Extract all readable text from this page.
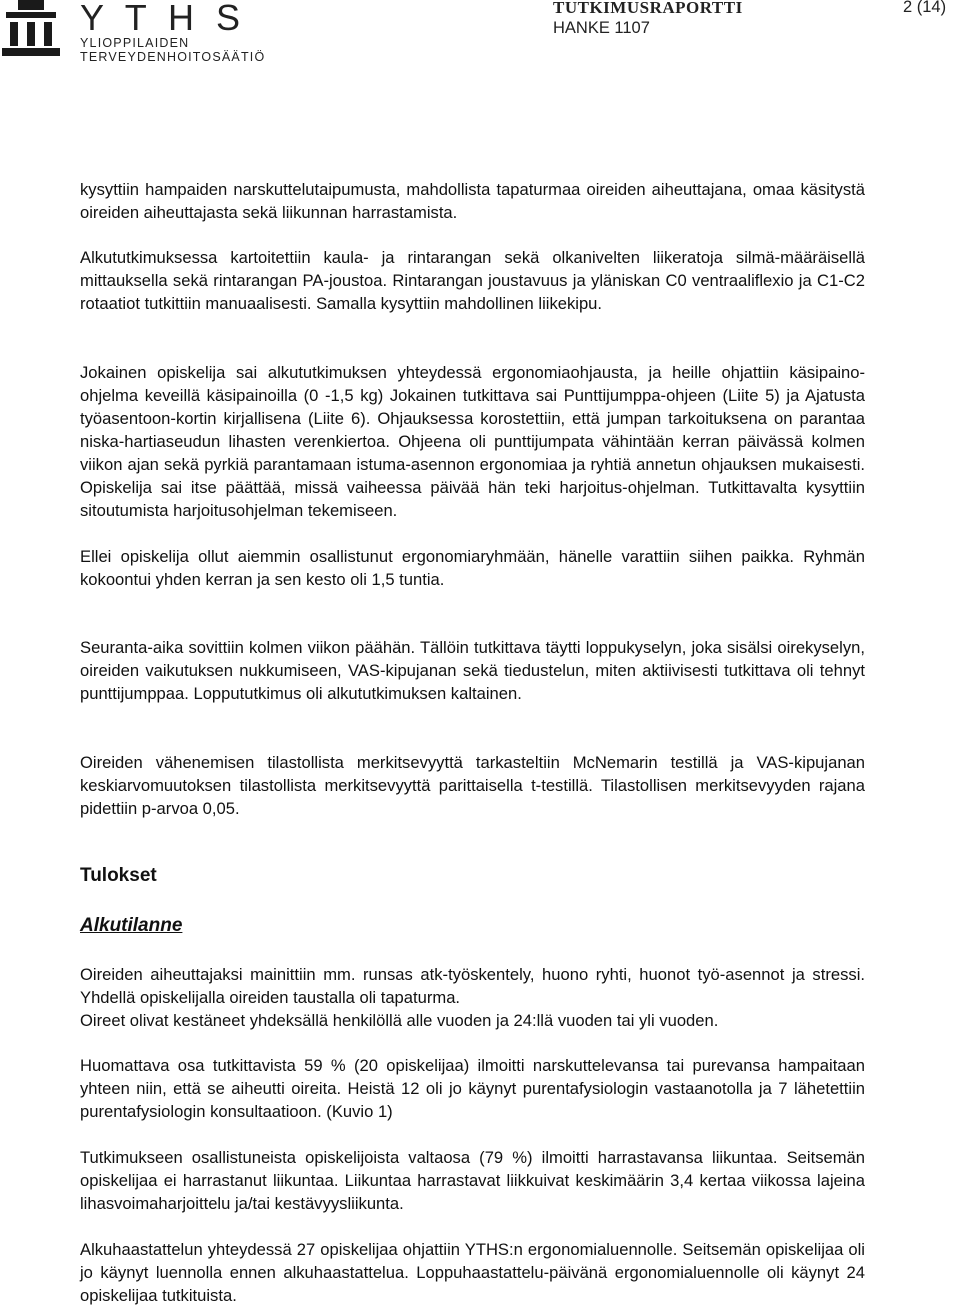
Y T H S
YLIOPPILAIDEN TERVEYDENHOITOSÄÄTIÖ
TUTKIMUSRAPORTTI
HANKE 1107
2 (14)

kysyttiin hampaiden narskuttelutaipumusta, mahdollista tapaturmaa oireiden aiheuttajana, omaa käsitystä oireiden aiheuttajasta sekä liikunnan harrastamista.

Alkututkimuksessa kartoitettiin kaula- ja rintarangan sekä olkanivelten liikeratoja silmä-määräisellä mittauksella sekä rintarangan PA-joustoa. Rintarangan joustavuus ja yläniskan C0 ventraaliflexio ja C1-C2 rotaatiot tutkittiin manuaalisesti. Samalla kysyttiin mahdollinen liikekipu.

Jokainen opiskelija sai alkututkimuksen yhteydessä ergonomiaohjausta, ja heille ohjattiin käsipaino-ohjelma keveillä käsipainoilla (0 -1,5 kg) Jokainen tutkittava sai Punttijumppa-ohjeen (Liite 5) ja Ajatusta työasentoon-kortin kirjallisena (Liite 6). Ohjauksessa korostettiin, että jumpan tarkoituksena on parantaa niska-hartiaseudun lihasten verenkiertoa. Ohjeena oli punttijumpata vähintään kerran päivässä kolmen viikon ajan sekä pyrkiä parantamaan istuma-asennon ergonomiaa ja ryhtiä annetun ohjauksen mukaisesti. Opiskelija sai itse päättää, missä vaiheessa päivää hän teki harjoitus-ohjelman. Tutkittavalta kysyttiin sitoutumista harjoitusohjelman tekemiseen.

Ellei opiskelija ollut aiemmin osallistunut ergonomiaryhmään, hänelle varattiin siihen paikka. Ryhmän kokoontui yhden kerran ja sen kesto oli 1,5 tuntia.

Seuranta-aika sovittiin kolmen viikon päähän. Tällöin tutkittava täytti loppukyselyn, joka sisälsi oirekyselyn, oireiden vaikutuksen nukkumiseen, VAS-kipujanan sekä tiedustelun, miten aktiivisesti tutkittava oli tehnyt punttijumppaa. Loppututkimus oli alkututkimuksen kaltainen.

Oireiden vähenemisen tilastollista merkitsevyyttä tarkasteltiin McNemarin testillä ja VAS-kipujanan keskiarvomuutoksen tilastollista merkitsevyyttä parittaisella t-testillä. Tilastollisen merkitsevyyden rajana pidettiin p-arvoa 0,05.

Tulokset
Alkutilanne

Oireiden aiheuttajaksi mainittiin mm. runsas atk-työskentely, huono ryhti, huonot työ-asennot ja stressi. Yhdellä opiskelijalla oireiden taustalla oli tapaturma.

Oireet olivat kestäneet yhdeksällä henkilöllä alle vuoden ja 24:llä vuoden tai yli vuoden.

Huomattava osa tutkittavista 59 % (20 opiskelijaa) ilmoitti narskuttelevansa tai purevansa hampaitaan yhteen niin, että se aiheutti oireita. Heistä 12 oli jo käynyt purentafysiologin vastaanotolla ja 7 lähetettiin purentafysiologin konsultaatioon. (Kuvio 1)

Tutkimukseen osallistuneista opiskelijoista valtaosa (79 %) ilmoitti harrastavansa liikuntaa. Seitsemän opiskelijaa ei harrastanut liikuntaa. Liikuntaa harrastavat liikkuivat keskimäärin 3,4 kertaa viikossa lajeina lihasvoimaharjoittelu ja/tai kestävyysliikunta.

Alkuhaastattelun yhteydessä 27 opiskelijaa ohjattiin YTHS:n ergonomialuennolle. Seitsemän opiskelijaa oli jo käynyt luennolla ennen alkuhaastattelua. Loppuhaastattelu-päivänä ergonomialuennolle oli käynyt 24 opiskelijaa tutkituista.
